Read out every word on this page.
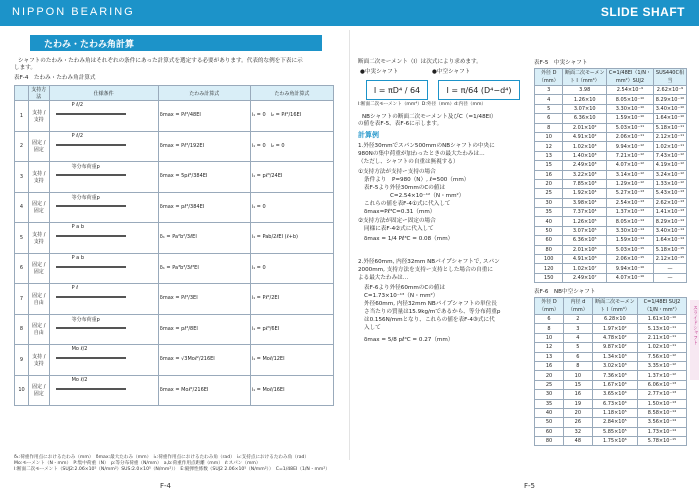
NIPPON BEARING	SLIDE SHAFT
たわみ・たわみ角計算
シャフトのたわみ・たわみ角はそれぞれの条件にあった計算式を選定する必要があります。代表的な例を下表に示
します。
表F-4　たわみ・たわみ角計算式
	支持方法	仕様条件	たわみ計算式	たわみ角計算式
1	支持 / 支持	P ℓ/2	δmax = Pℓ³/48EI	i₁ = 0　i₂ = Pℓ²/16EI
2	固定 / 固定	P ℓ/2	δmax = Pℓ³/192EI	i₁ = 0　i₂ = 0
3	支持 / 支持	等分布荷重p	δmax = 5pℓ⁴/384EI	i₁ = pℓ³/24EI
4	固定 / 固定	等分布荷重p	δmax = pℓ⁴/384EI	i₁ = 0
5	支持 / 支持	P a b	δ₁ = Pa²b²/3ℓEI	i₁ = Pab/2ℓEI (ℓ+b)
6	固定 / 固定	P a b	δ₁ = Pa³b³/3ℓ³EI	i₁ = 0
7	固定 / 自由	P ℓ	δmax = Pℓ³/3EI	i₁ = Pℓ²/2EI
8	固定 / 自由	等分布荷重p	δmax = pℓ⁴/8EI	i₁ = pℓ³/6EI
9	支持 / 支持	Mo ℓ/2	δmax = √3Moℓ²/216EI	i₁ = Moℓ/12EI
10	固定 / 固定	Mo ℓ/2	δmax = Moℓ²/216EI	i₁ = Moℓ/16EI
δ₁:荷重作用点におけるたわみ（mm）　δmax:最大たわみ（mm）　i₁:荷重作用点におけるたわみ角（rad）　i₂:支持点におけるたわみ角（rad）
Mo:モーメント（N・mm）　P:集中荷重（N）　p:等分布荷重（N/mm）　a,b:荷重作用点距離（mm）　ℓ:スパン（mm）
I:断面二次モーメント（SUJ2:2.06×10⁵（N/mm²）SUS:2.0×10⁵（N/mm²））　E:縦弾性係数（SUJ2 2.06×10⁵（N/mm²））　C=1/48EI（1/N・mm²）
F-4
断面二次モーメント（I）は次式により求めます。
●中実シャフト	●中空シャフト
I = πD⁴ / 64	I = π/64 (D⁴−d⁴)
I:断面二次モーメント（mm⁴）D:外径（mm）d:内径（mm）
NBシャフトの断面二次モーメント及びC（=1/48EI）
の値を表F-5、表F-6に示します。
計算例
1.外径30mmでスパン500mmのNBシャフトの中央に
980Nの集中荷重が加わったときの最大たわみは…
（ただし、シャフトの自重は無視する）
①支持方法が支持ー支持の場合
条件より　P=980（N）, ℓ=500（mm）
表F-5より外径30mmのCの値は
C=2.54×10⁻¹²（N・mm²）
これらの値を表F-4①式に代入して
δmax=Pℓ³C=0.31（mm）
②支持方法が固定ー固定の場合
同様に表F-4②式に代入して
δmax = 1/4 Pℓ³C = 0.08（mm）
2.外径60mm, 内径32mm NBパイプシャフトで, スパン
2000mm, 支持方法を支持ー支持とした場合の自重に
よる最大たわみは…
表F-6より外径60mmのCの値は
C=1.73×10⁻¹³（N・mm²）
外径60mm, 内径32mm NBパイプシャフトの単位長
さ当たりの質量は15.9kg/mであるから、等分布荷重p
は0.156N/mmとなり、これらの値を表F-4③式に代
入して
δmax = 5/8 pℓ⁴C = 0.27（mm）
表F-5　中実シャフト
外径 D（mm）	断面二次モーメント I（mm⁴）	C=1/48EI（1/N・mm²）SUJ2	SUS440C相当
3	3.98	2.54×10⁻⁹	2.62×10⁻⁹
4	1.26×10	8.05×10⁻¹⁰	8.29×10⁻¹⁰
5	3.07×10	3.30×10⁻¹⁰	3.40×10⁻¹⁰
6	6.36×10	1.59×10⁻¹⁰	1.64×10⁻¹⁰
8	2.01×10²	5.03×10⁻¹¹	5.18×10⁻¹¹
10	4.91×10²	2.06×10⁻¹¹	2.12×10⁻¹¹
12	1.02×10³	9.94×10⁻¹²	1.02×10⁻¹¹
13	1.40×10³	7.21×10⁻¹²	7.43×10⁻¹²
15	2.49×10³	4.07×10⁻¹²	4.19×10⁻¹²
16	3.22×10³	3.14×10⁻¹²	3.24×10⁻¹²
20	7.85×10³	1.29×10⁻¹²	1.33×10⁻¹²
25	1.92×10⁴	5.27×10⁻¹³	5.43×10⁻¹³
30	3.98×10⁴	2.54×10⁻¹³	2.62×10⁻¹³
35	7.37×10⁴	1.37×10⁻¹³	1.41×10⁻¹³
40	1.26×10⁵	8.05×10⁻¹⁴	8.29×10⁻¹⁴
50	3.07×10⁵	3.30×10⁻¹⁴	3.40×10⁻¹⁴
60	6.36×10⁵	1.59×10⁻¹⁴	1.64×10⁻¹⁴
80	2.01×10⁶	5.03×10⁻¹⁵	5.18×10⁻¹⁵
100	4.91×10⁶	2.06×10⁻¹⁵	2.12×10⁻¹⁵
120	1.02×10⁷	9.94×10⁻¹⁶	—
150	2.49×10⁷	4.07×10⁻¹⁶	—
表F-6　NB中空シャフト
外径 D（mm）	内径 d（mm）	断面二次モーメント I（mm⁴）	C=1/48EI SUJ2（1/N・mm²）
6	2	6.28×10	1.61×10⁻¹⁰
8	3	1.97×10²	5.13×10⁻¹¹
10	4	4.78×10²	2.11×10⁻¹¹
12	5	9.87×10²	1.02×10⁻¹¹
13	6	1.34×10³	7.56×10⁻¹²
16	8	3.02×10³	3.35×10⁻¹²
20	10	7.36×10³	1.37×10⁻¹²
25	15	1.67×10⁴	6.06×10⁻¹³
30	16	3.65×10⁴	2.77×10⁻¹³
35	19	6.73×10⁴	1.50×10⁻¹³
40	20	1.18×10⁵	8.58×10⁻¹⁴
50	26	2.84×10⁵	3.56×10⁻¹⁴
60	32	5.85×10⁵	1.73×10⁻¹⁴
80	48	1.75×10⁶	5.78×10⁻¹⁵
スライドシャフト
F-5
